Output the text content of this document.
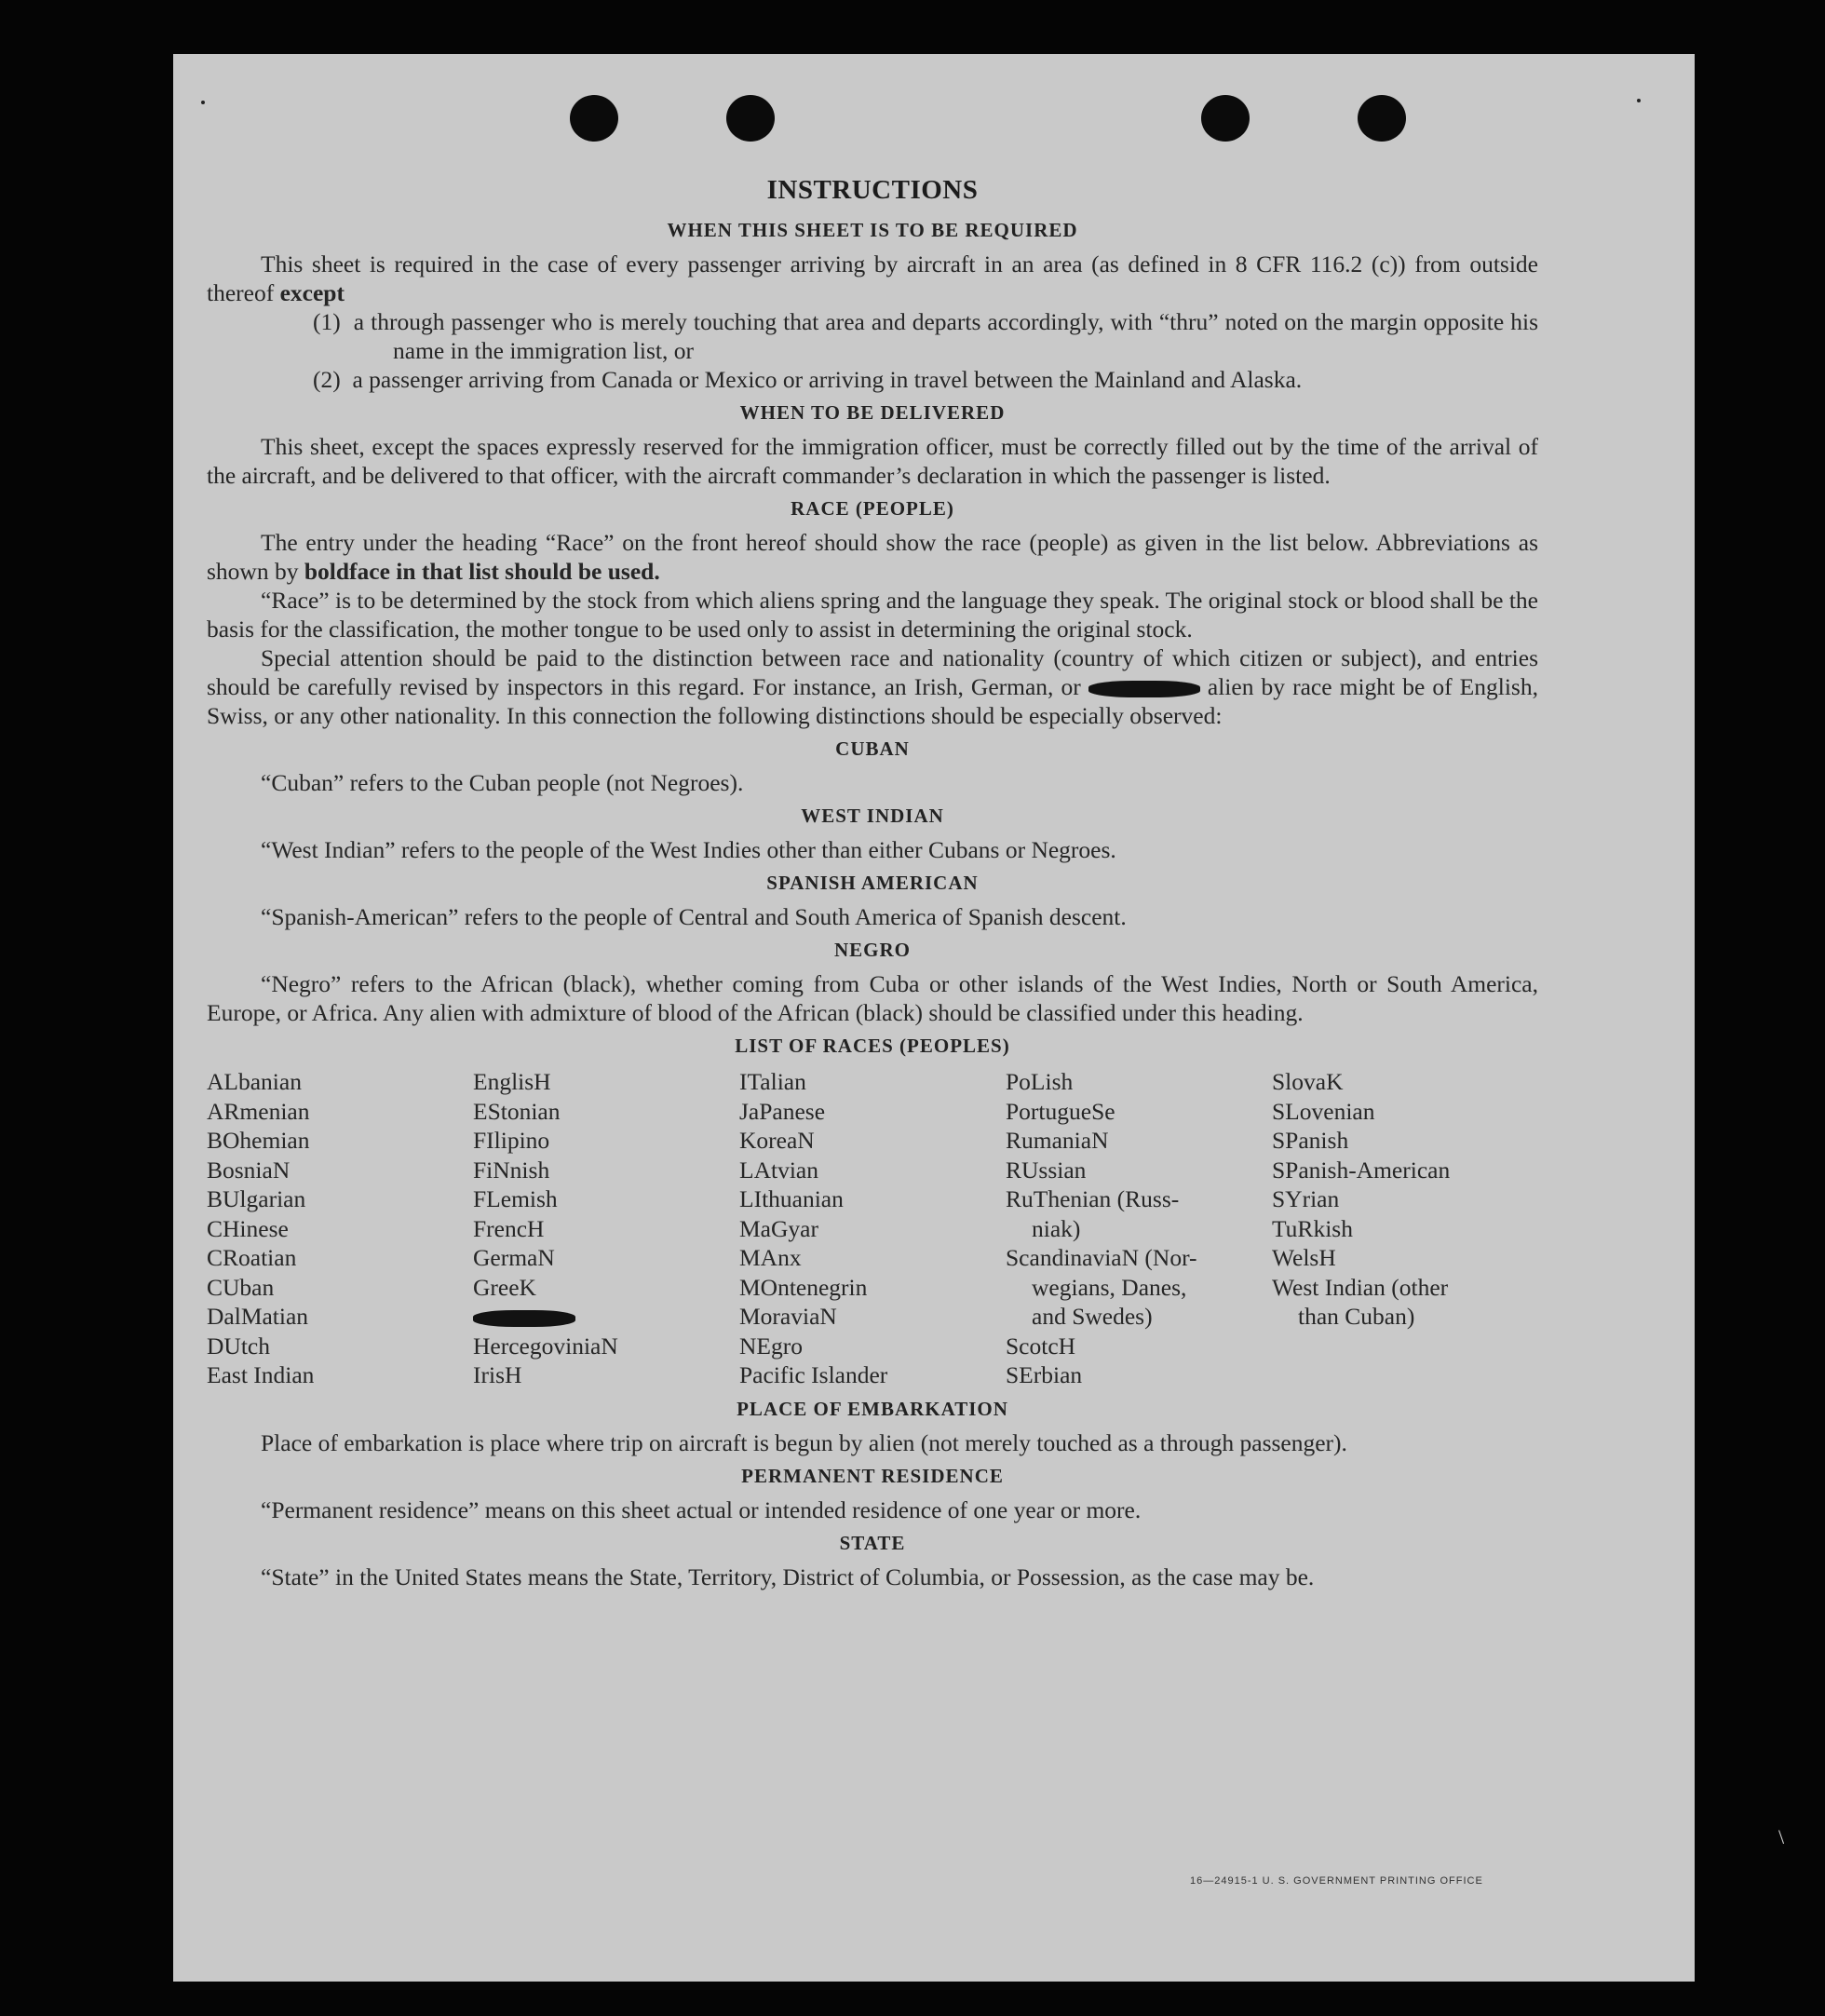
INSTRUCTIONS
WHEN THIS SHEET IS TO BE REQUIRED

This sheet is required in the case of every passenger arriving by aircraft in an area (as defined in 8 CFR 116.2 (c)) from outside thereof except

(1) a through passenger who is merely touching that area and departs accordingly, with “thru” noted on the margin opposite his name in the immigration list, or
(2) a passenger arriving from Canada or Mexico or arriving in travel between the Mainland and Alaska.
WHEN TO BE DELIVERED

This sheet, except the spaces expressly reserved for the immigration officer, must be correctly filled out by the time of the arrival of the aircraft, and be delivered to that officer, with the aircraft commander’s declaration in which the passenger is listed.

RACE (PEOPLE)

The entry under the heading “Race” on the front hereof should show the race (people) as given in the list below. Abbreviations as shown by boldface in that list should be used.

“Race” is to be determined by the stock from which aliens spring and the language they speak. The original stock or blood shall be the basis for the classification, the mother tongue to be used only to assist in determining the original stock.

Special attention should be paid to the distinction between race and nationality (country of which citizen or subject), and entries should be carefully revised by inspectors in this regard. For instance, an Irish, German, or	alien by race might be of English, Swiss, or any other nationality. In this connection the following distinctions should be especially observed:

CUBAN

“Cuban” refers to the Cuban people (not Negroes).

WEST INDIAN

“West Indian” refers to the people of the West Indies other than either Cubans or Negroes.

SPANISH AMERICAN

“Spanish-American” refers to the people of Central and South America of Spanish descent.

NEGRO

“Negro” refers to the African (black), whether coming from Cuba or other islands of the West Indies, North or South America, Europe, or Africa. Any alien with admixture of blood of the African (black) should be classified under this heading.

LIST OF RACES (PEOPLES)
ALbanian
ARmenian
BOhemian
BosniaN
BUlgarian
CHinese
CRoatian
CUban
DalMatian
DUtch
East Indian
EnglisH
EStonian
FIlipino
FiNnish
FLemish
FrencH
GermaN
GreeK
HercegoviniaN
IrisH
ITalian
JaPanese
KoreaN
LAtvian
LIthuanian
MaGyar
MAnx
MOntenegrin
MoraviaN
NEgro
Pacific Islander
PoLish
PortugueSe
RumaniaN
RUssian
RuThenian (Russ-
niak)
ScandinaviaN (Nor-
wegians, Danes,
and Swedes)
ScotcH
SErbian
SlovaK
SLovenian
SPanish
SPanish-American
SYrian
TuRkish
WelsH
West Indian (other
than Cuban)
PLACE OF EMBARKATION

Place of embarkation is place where trip on aircraft is begun by alien (not merely touched as a through passenger).

PERMANENT RESIDENCE

“Permanent residence” means on this sheet actual or intended residence of one year or more.

STATE

“State” in the United States means the State, Territory, District of Columbia, or Possession, as the case may be.

16—24915-1 U. S. GOVERNMENT PRINTING OFFICE
\
